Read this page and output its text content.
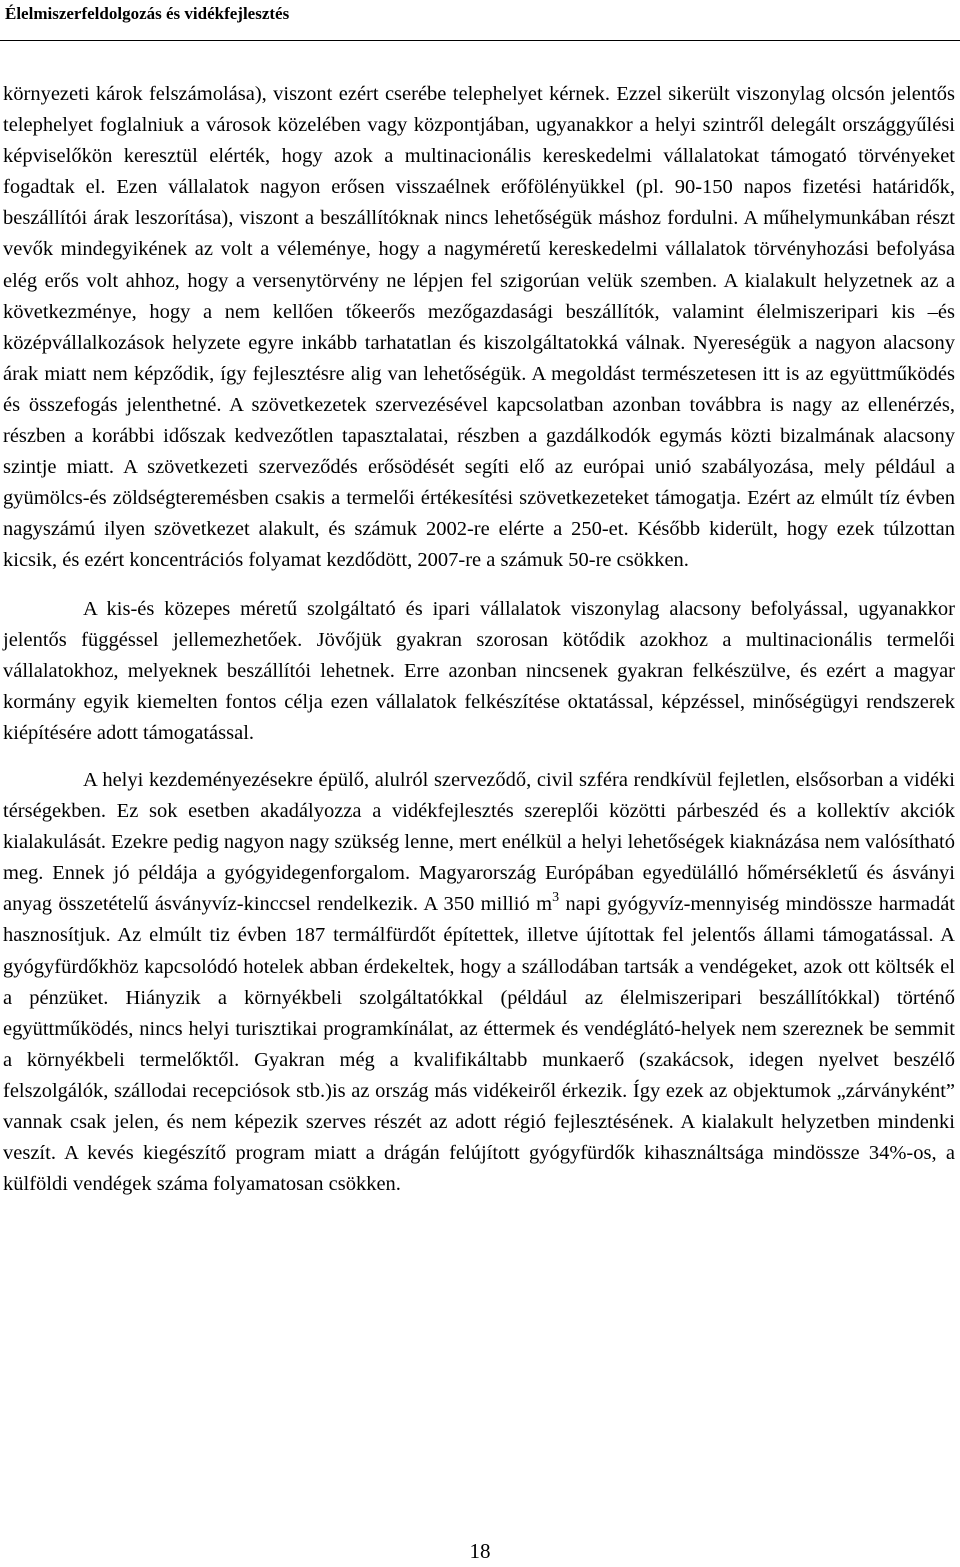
Élelmiszerfeldolgozás és vidékfejlesztés

környezeti károk felszámolása), viszont ezért cserébe telephelyet kérnek. Ezzel sikerült viszonylag olcsón jelentős telephelyet foglalniuk a városok közelében vagy központjában, ugyanakkor a helyi szintről delegált országgyűlési képviselőkön keresztül elérték, hogy azok a multinacionális kereskedelmi vállalatokat támogató törvényeket fogadtak el. Ezen vállalatok nagyon erősen visszaélnek erőfölényükkel (pl. 90-150 napos fizetési határidők, beszállítói árak leszorítása), viszont a beszállítóknak nincs lehetőségük máshoz fordulni. A műhelymunkában részt vevők mindegyikének az volt a véleménye, hogy a nagyméretű kereskedelmi vállalatok törvényhozási befolyása elég erős volt ahhoz, hogy a versenytörvény ne lépjen fel szigorúan velük szemben. A kialakult helyzetnek az a következménye, hogy a nem kellően tőkeerős mezőgazdasági beszállítók, valamint élelmiszeripari kis –és középvállalkozások helyzete egyre inkább tarhatatlan és kiszolgáltatokká válnak. Nyereségük a nagyon alacsony árak miatt nem képződik, így fejlesztésre alig van lehetőségük. A megoldást természetesen itt is az együttműködés és összefogás jelenthetné. A szövetkezetek szervezésével kapcsolatban azonban továbbra is nagy az ellenérzés, részben a korábbi időszak kedvezőtlen tapasztalatai, részben a gazdálkodók egymás közti bizalmának alacsony szintje miatt. A szövetkezeti szerveződés erősödését segíti elő az európai unió szabályozása, mely például a gyümölcs-és zöldségteremésben csakis a termelői értékesítési szövetkezeteket támogatja. Ezért az elmúlt tíz évben nagyszámú ilyen szövetkezet alakult, és számuk 2002-re elérte a 250-et. Később kiderült, hogy ezek túlzottan kicsik, és ezért koncentrációs folyamat kezdődött, 2007-re a számuk 50-re csökken.

A kis-és közepes méretű szolgáltató és ipari vállalatok viszonylag alacsony befolyással, ugyanakkor jelentős függéssel jellemezhetőek. Jövőjük gyakran szorosan kötődik azokhoz a multinacionális termelői vállalatokhoz, melyeknek beszállítói lehetnek. Erre azonban nincsenek gyakran felkészülve, és ezért a magyar kormány egyik kiemelten fontos célja ezen vállalatok felkészítése oktatással, képzéssel, minőségügyi rendszerek kiépítésére adott támogatással.

A helyi kezdeményezésekre épülő, alulról szerveződő, civil szféra rendkívül fejletlen, elsősorban a vidéki térségekben. Ez sok esetben akadályozza a vidékfejlesztés szereplői közötti párbeszéd és a kollektív akciók kialakulását. Ezekre pedig nagyon nagy szükség lenne, mert enélkül a helyi lehetőségek kiaknázása nem valósítható meg. Ennek jó példája a gyógyidegenforgalom. Magyarország Európában egyedülálló hőmérsékletű és ásványi anyag összetételű ásványvíz-kinccsel rendelkezik. A 350 millió $m^3$ napi gyógyvíz-mennyiség mindössze harmadát hasznosítjuk. Az elmúlt tiz évben 187 termálfürdőt építettek, illetve újítottak fel jelentős állami támogatással. A gyógyfürdőkhöz kapcsolódó hotelek abban érdekeltek, hogy a szállodában tartsák a vendégeket, azok ott költsék el a pénzüket. Hiányzik a környékbeli szolgáltatókkal (például az élelmiszeripari beszállítókkal) történő együttműködés, nincs helyi turisztikai programkínálat, az éttermek és vendéglátó-helyek nem szereznek be semmit a környékbeli termelőktől. Gyakran még a kvalifikáltabb munkaerő (szakácsok, idegen nyelvet beszélő felszolgálók, szállodai recepciósok stb.)is az ország más vidékeiről érkezik. Így ezek az objektumok „zárványként” vannak csak jelen, és nem képezik szerves részét az adott régió fejlesztésének. A kialakult helyzetben mindenki veszít. A kevés kiegészítő program miatt a drágán felújított gyógyfürdők kihasználtsága mindössze 34%-os, a külföldi vendégek száma folyamatosan csökken.

18
